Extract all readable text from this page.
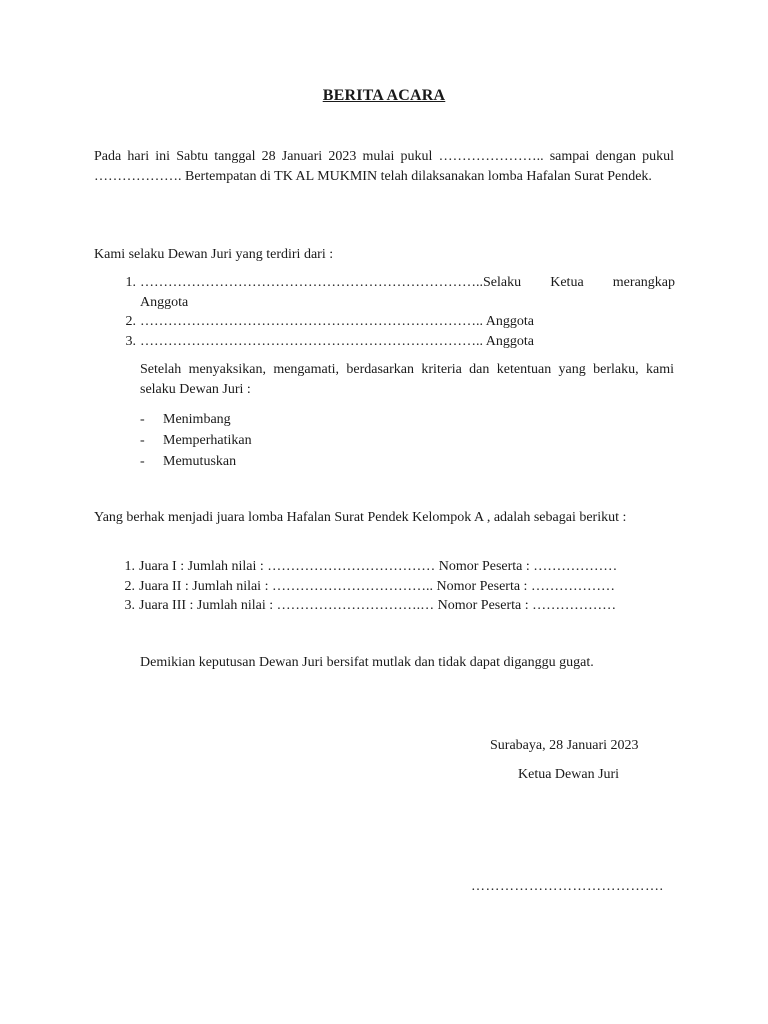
BERITA ACARA
Pada hari ini Sabtu tanggal 28 Januari 2023 mulai pukul ………………….. sampai dengan pukul ………………. Bertempatan di TK AL MUKMIN telah dilaksanakan lomba Hafalan Surat Pendek.
Kami selaku Dewan Juri yang terdiri dari :
1. ………………………………………………………………..Selaku Ketua merangkap
Anggota
2. ……………………………………………………………….. Anggota
3. ……………………………………………………………….. Anggota
Setelah menyaksikan, mengamati, berdasarkan kriteria dan ketentuan yang berlaku, kami selaku Dewan Juri :
- Menimbang
- Memperhatikan
- Memutuskan
Yang berhak menjadi juara lomba Hafalan Surat Pendek Kelompok A , adalah sebagai berikut :
1. Juara I : Jumlah nilai : ……………………………… Nomor Peserta : ………………
2. Juara II : Jumlah nilai : …………………………….. Nomor Peserta : ………………
3. Juara III : Jumlah nilai : ………………………….… Nomor Peserta : ………………
Demikian keputusan Dewan Juri bersifat mutlak dan tidak dapat diganggu gugat.
Surabaya, 28 Januari 2023
Ketua Dewan Juri
………………………………….
